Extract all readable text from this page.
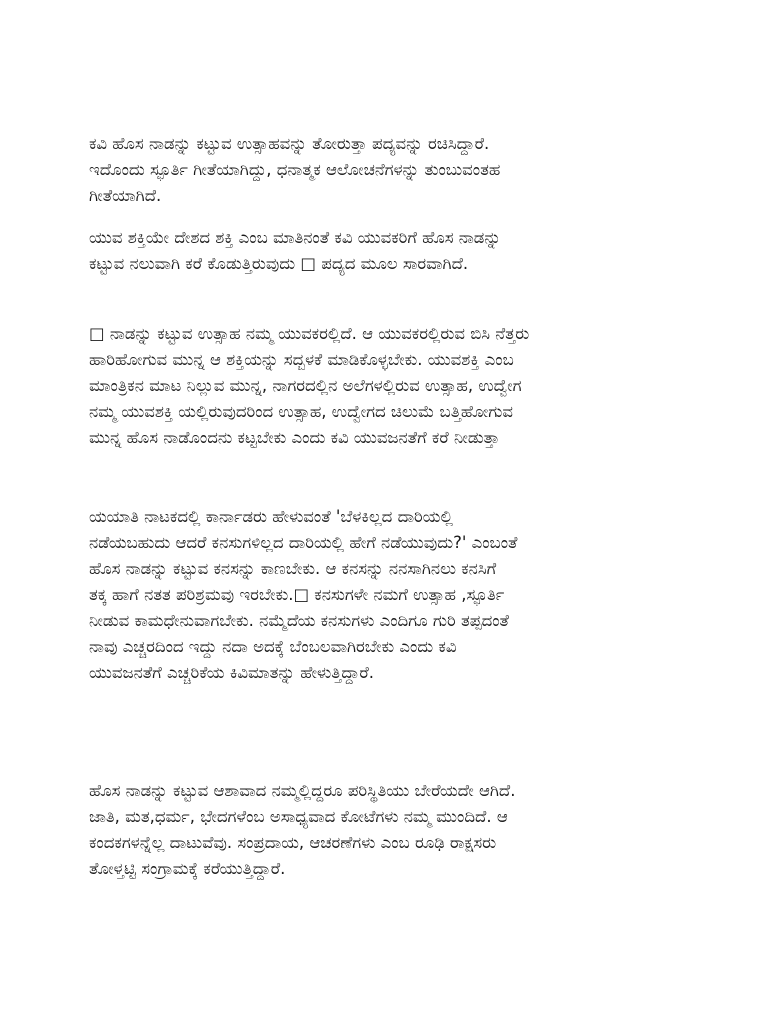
ಕವಿ ಹೊಸ ನಾಡನ್ನು ಕಟ್ಟುವ ಉತ್ಸಾಹವನ್ನು ತೋರುತ್ತಾ ಪದ್ಯವನ್ನು ರಚಿಸಿದ್ದಾರೆ.
ಇದೊಂದು ಸ್ಫೂರ್ತಿ ಗೀತೆಯಾಗಿದ್ದು, ಧನಾತ್ಮಕ ಆಲೋಚನೆಗಳನ್ನು ತುಂಬುವಂತಹ
ಗೀತೆಯಾಗಿದೆ.

ಯುವ ಶಕ್ತಿಯೇ ದೇಶದ ಶಕ್ತಿ ಎಂಬ ಮಾತಿನಂತೆ ಕವಿ ಯುವಕರಿಗೆ ಹೊಸ ನಾಡನ್ನು
ಕಟ್ಟುವ ನಲುವಾಗಿ ಕರೆ ಕೊಡುತ್ತಿರುವುದು □ ಪದ್ಯದ ಮೂಲ ಸಾರವಾಗಿದೆ.

□ ನಾಡನ್ನು ಕಟ್ಟುವ ಉತ್ಸಾಹ ನಮ್ಮ ಯುವಕರಲ್ಲಿದೆ. ಆ ಯುವಕರಲ್ಲಿರುವ ಬಿಸಿ ನೆತ್ತರು
ಹಾರಿಹೋಗುವ ಮುನ್ನ ಆ ಶಕ್ತಿಯನ್ನು ಸದ್ಬಳಕೆ ಮಾಡಿಕೊಳ್ಳಬೇಕು. ಯುವಶಕ್ತಿ ಎಂಬ
ಮಾಂತ್ರಿಕನ ಮಾಟ ನಿಲ್ಲುವ ಮುನ್ನ, ನಾಗರದಲ್ಲಿನ ಅಲೆಗಳಲ್ಲಿರುವ ಉತ್ಸಾಹ, ಉದ್ವೇಗ
ನಮ್ಮ ಯುವಶಕ್ತಿ ಯಲ್ಲಿರುವುದರಿಂದ ಉತ್ಸಾಹ, ಉದ್ವೇಗದ ಚಿಲುಮೆ ಬತ್ತಿಹೋಗುವ
ಮುನ್ನ ಹೊಸ ನಾಡೊಂದನು ಕಟ್ಟಬೇಕು ಎಂದು ಕವಿ ಯುವಜನತೆಗೆ ಕರೆ ನೀಡುತ್ತಾ

ಯಯಾತಿ ನಾಟಕದಲ್ಲಿ ಕಾರ್ನಾಡರು ಹೇಳುವಂತೆ 'ಬೆಳಕಿಲ್ಲದ ದಾರಿಯಲ್ಲಿ
ನಡೆಯಬಹುದು ಆದರೆ ಕನಸುಗಳಿಲ್ಲದ ದಾರಿಯಲ್ಲಿ ಹೇಗೆ ನಡೆಯುವುದು?' ಎಂಬಂತೆ
ಹೊಸ ನಾಡನ್ನು ಕಟ್ಟುವ ಕನಸನ್ನು ಕಾಣಬೇಕು. ಆ ಕನಸನ್ನು ನನಸಾಗಿನಲು ಕನಸಿಗೆ
ತಕ್ಕ ಹಾಗೆ ನತತ ಪರಿಶ್ರಮವು ಇರಬೇಕು.□ ಕನಸುಗಳೇ ನಮಗೆ ಉತ್ಸಾಹ ,ಸ್ಫೂರ್ತಿ
ನೀಡುವ ಕಾಮಧೇನುವಾಗಬೇಕು. ನಮ್ಮೆದೆಯ ಕನಸುಗಳು ಎಂದಿಗೂ ಗುರಿ ತಪ್ಪದಂತೆ
ನಾವು ಎಚ್ಚರದಿಂದ ಇದ್ದು ನದಾ ಅದಕ್ಕೆ ಬೆಂಬಲವಾಗಿರಬೇಕು ಎಂದು ಕವಿ
ಯುವಜನತೆಗೆ ಎಚ್ಚರಿಕೆಯ ಕಿವಿಮಾತನ್ನು ಹೇಳುತ್ತಿದ್ದಾರೆ.

ಹೊಸ ನಾಡನ್ನು ಕಟ್ಟುವ ಆಶಾವಾದ ನಮ್ಮಲ್ಲಿದ್ದರೂ ಪರಿಸ್ಥಿತಿಯು ಬೇರೆಯದೇ ಆಗಿದೆ.
ಜಾತಿ, ಮತ,ಧರ್ಮ, ಭೇದಗಳೆಂಬ ಅಸಾಧ್ಯವಾದ ಕೋಟೆಗಳು ನಮ್ಮ ಮುಂದಿದೆ. ಆ
ಕಂದಕಗಳನ್ನೆಲ್ಲ ದಾಟುವೆವು. ಸಂಪ್ರದಾಯ, ಆಚರಣೆಗಳು ಎಂಬ ರೂಢಿ ರಾಕ್ಷಸರು
ತೋಳ್ತಟ್ಟಿ ಸಂಗ್ರಾಮಕ್ಕೆ ಕರೆಯುತ್ತಿದ್ದಾರೆ.
